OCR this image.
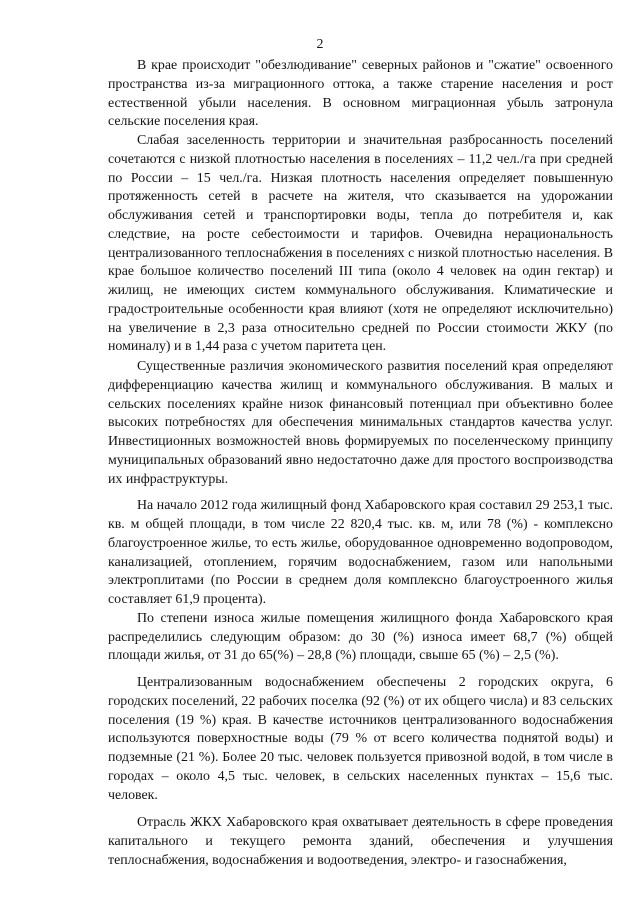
2

В крае происходит "обезлюдивание" северных районов и "сжатие" освоенного пространства из-за миграционного оттока, а также старение населения и рост естественной убыли населения. В основном миграционная убыль затронула сельские поселения края.

Слабая заселенность территории и значительная разбросанность поселений сочетаются с низкой плотностью населения в поселениях – 11,2 чел./га при средней по России – 15 чел./га. Низкая плотность населения определяет повышенную протяженность сетей в расчете на жителя, что сказывается на удорожании обслуживания сетей и транспортировки воды, тепла до потребителя и, как следствие, на росте себестоимости и тарифов. Очевидна нерациональность централизованного теплоснабжения в поселениях с низкой плотностью населения. В крае большое количество поселений III типа (около 4 человек на один гектар) и жилищ, не имеющих систем коммунального обслуживания. Климатические и градостроительные особенности края влияют (хотя не определяют исключительно) на увеличение в 2,3 раза относительно средней по России стоимости ЖКУ (по номиналу) и в 1,44 раза с учетом паритета цен.

Существенные различия экономического развития поселений края определяют дифференциацию качества жилищ и коммунального обслуживания. В малых и сельских поселениях крайне низок финансовый потенциал при объективно более высоких потребностях для обеспечения минимальных стандартов качества услуг. Инвестиционных возможностей вновь формируемых по поселенческому принципу муниципальных образований явно недостаточно даже для простого воспроизводства их инфраструктуры.

На начало 2012 года жилищный фонд Хабаровского края составил 29 253,1 тыс. кв. м общей площади, в том числе 22 820,4 тыс. кв. м, или 78 (%) - комплексно благоустроенное жилье, то есть жилье, оборудованное одновременно водопроводом, канализацией, отоплением, горячим водоснабжением, газом или напольными электроплитами (по России в среднем доля комплексно благоустроенного жилья составляет 61,9 процента).

По степени износа жилые помещения жилищного фонда Хабаровского края распределились следующим образом: до 30 (%) износа имеет 68,7 (%) общей площади жилья, от 31 до 65(%) – 28,8 (%) площади, свыше 65 (%) – 2,5 (%).

Централизованным водоснабжением обеспечены 2 городских округа, 6 городских поселений, 22 рабочих поселка (92 (%) от их общего числа) и 83 сельских поселения (19 %) края. В качестве источников централизованного водоснабжения используются поверхностные воды (79 % от всего количества поднятой воды) и подземные (21 %). Более 20 тыс. человек пользуется привозной водой, в том числе в городах – около 4,5 тыс. человек, в сельских населенных пунктах – 15,6 тыс. человек.

Отрасль ЖКХ Хабаровского края охватывает деятельность в сфере проведения капитального и текущего ремонта зданий, обеспечения и улучшения теплоснабжения, водоснабжения и водоотведения, электро- и газоснабжения,
